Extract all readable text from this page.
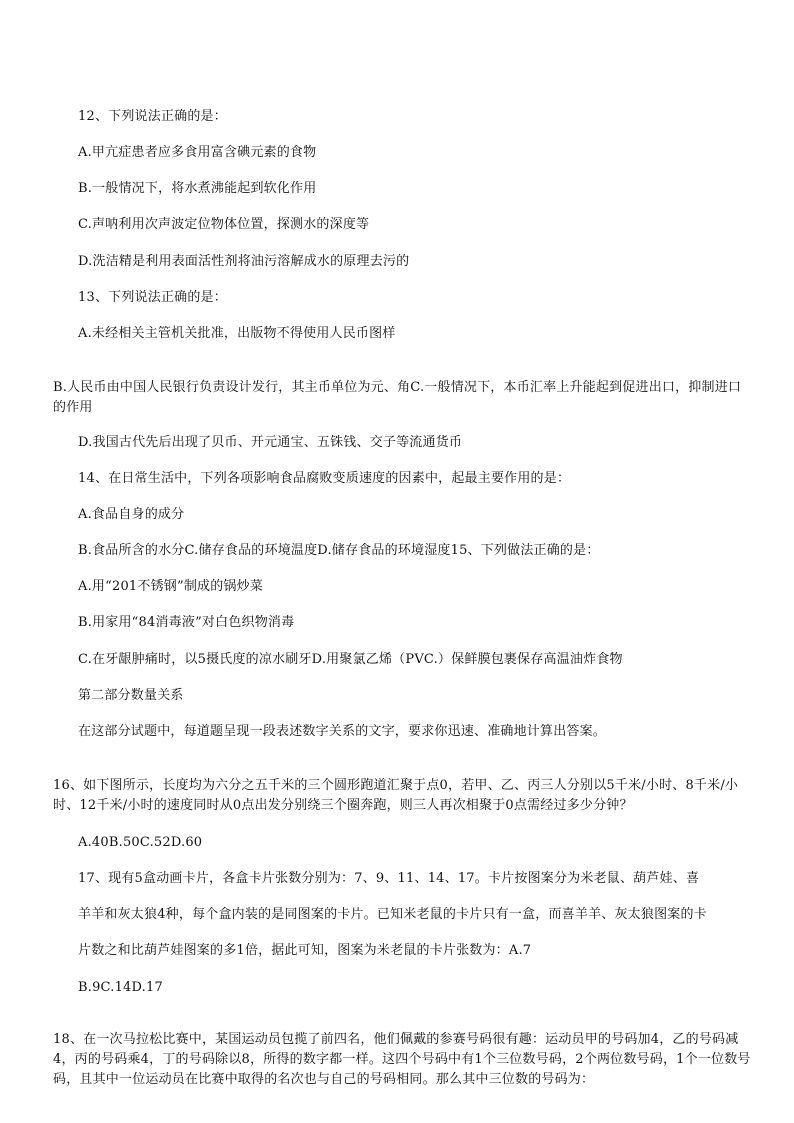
12、下列说法正确的是：
A.甲亢症患者应多食用富含碘元素的食物
B.一般情况下，将水煮沸能起到软化作用
C.声呐利用次声波定位物体位置，探测水的深度等
D.洗洁精是利用表面活性剂将油污溶解成水的原理去污的
13、下列说法正确的是：
A.未经相关主管机关批准，出版物不得使用人民币图样
B.人民币由中国人民银行负责设计发行，其主币单位为元、角C.一般情况下，本币汇率上升能起到促进出口，抑制进口的作用
D.我国古代先后出现了贝币、开元通宝、五铢钱、交子等流通货币
14、在日常生活中，下列各项影响食品腐败变质速度的因素中，起最主要作用的是：
A.食品自身的成分
B.食品所含的水分C.储存食品的环境温度D.储存食品的环境湿度15、下列做法正确的是：
A.用“201不锈钢”制成的锅炒菜
B.用家用“84消毒液”对白色织物消毒
C.在牙龈肿痛时，以5摄氏度的凉水刷牙D.用聚氯乙烯（PVC.）保鲜膜包裹保存高温油炸食物
第二部分数量关系
在这部分试题中，每道题呈现一段表述数字关系的文字，要求你迅速、准确地计算出答案。
16、如下图所示，长度均为六分之五千米的三个圆形跑道汇聚于点0，若甲、乙、丙三人分别以5千米/小时、8千米/小时、12千米/小时的速度同时从0点出发分别绕三个圈奔跑，则三人再次相聚于0点需经过多少分钟？
A.40B.50C.52D.60
17、现有5盒动画卡片，各盒卡片张数分别为：7、9、11、14、17。卡片按图案分为米老鼠、葫芦娃、喜
羊羊和灰太狼4种，每个盒内装的是同图案的卡片。已知米老鼠的卡片只有一盒，而喜羊羊、灰太狼图案的卡
片数之和比葫芦娃图案的多1倍，据此可知，图案为米老鼠的卡片张数为：A.7
B.9C.14D.17
18、在一次马拉松比赛中，某国运动员包揽了前四名，他们佩戴的参赛号码很有趣：运动员甲的号码加4，乙的号码减4，丙的号码乘4，丁的号码除以8，所得的数字都一样。这四个号码中有1个三位数号码，2个两位数号码，1个一位数号码，且其中一位运动员在比赛中取得的名次也与自己的号码相同。那么其中三位数的号码为：
